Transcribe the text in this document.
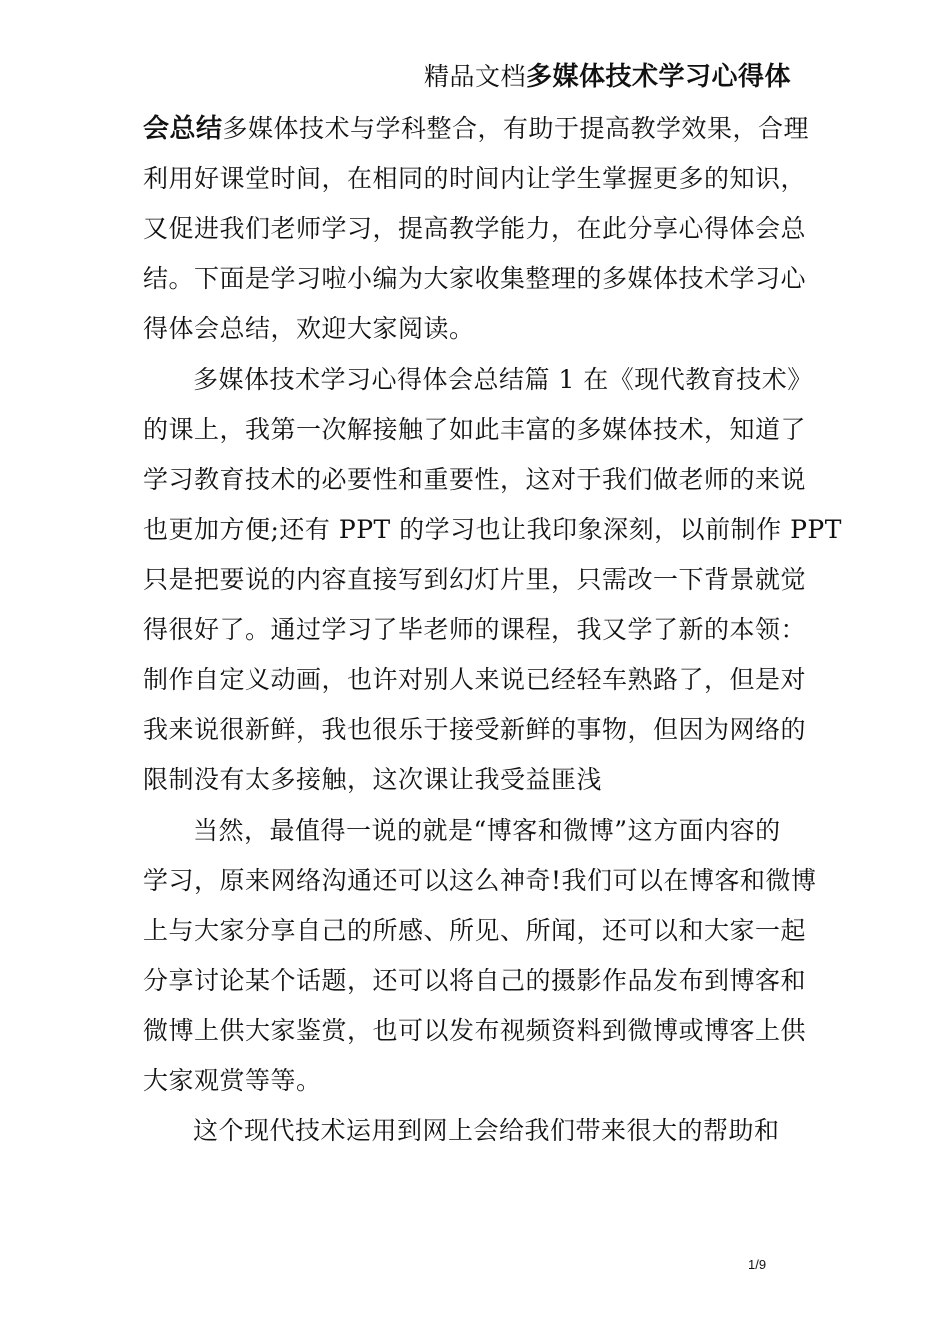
精品文档多媒体技术学习心得体
会总结多媒体技术与学科整合，有助于提高教学效果，合理
利用好课堂时间，在相同的时间内让学生掌握更多的知识，
又促进我们老师学习，提高教学能力，在此分享心得体会总
结。下面是学习啦小编为大家收集整理的多媒体技术学习心
得体会总结，欢迎大家阅读。
多媒体技术学习心得体会总结篇 1 在《现代教育技术》
的课上，我第一次解接触了如此丰富的多媒体技术，知道了
学习教育技术的必要性和重要性，这对于我们做老师的来说
也更加方便;还有 PPT 的学习也让我印象深刻，以前制作 PPT
只是把要说的内容直接写到幻灯片里，只需改一下背景就觉
得很好了。通过学习了毕老师的课程，我又学了新的本领：
制作自定义动画，也许对别人来说已经轻车熟路了，但是对
我来说很新鲜，我也很乐于接受新鲜的事物，但因为网络的
限制没有太多接触，这次课让我受益匪浅
当然，最值得一说的就是“博客和微博”这方面内容的
学习，原来网络沟通还可以这么神奇!我们可以在博客和微博
上与大家分享自己的所感、所见、所闻，还可以和大家一起
分享讨论某个话题，还可以将自己的摄影作品发布到博客和
微博上供大家鉴赏，也可以发布视频资料到微博或博客上供
大家观赏等等。
这个现代技术运用到网上会给我们带来很大的帮助和
1/9
